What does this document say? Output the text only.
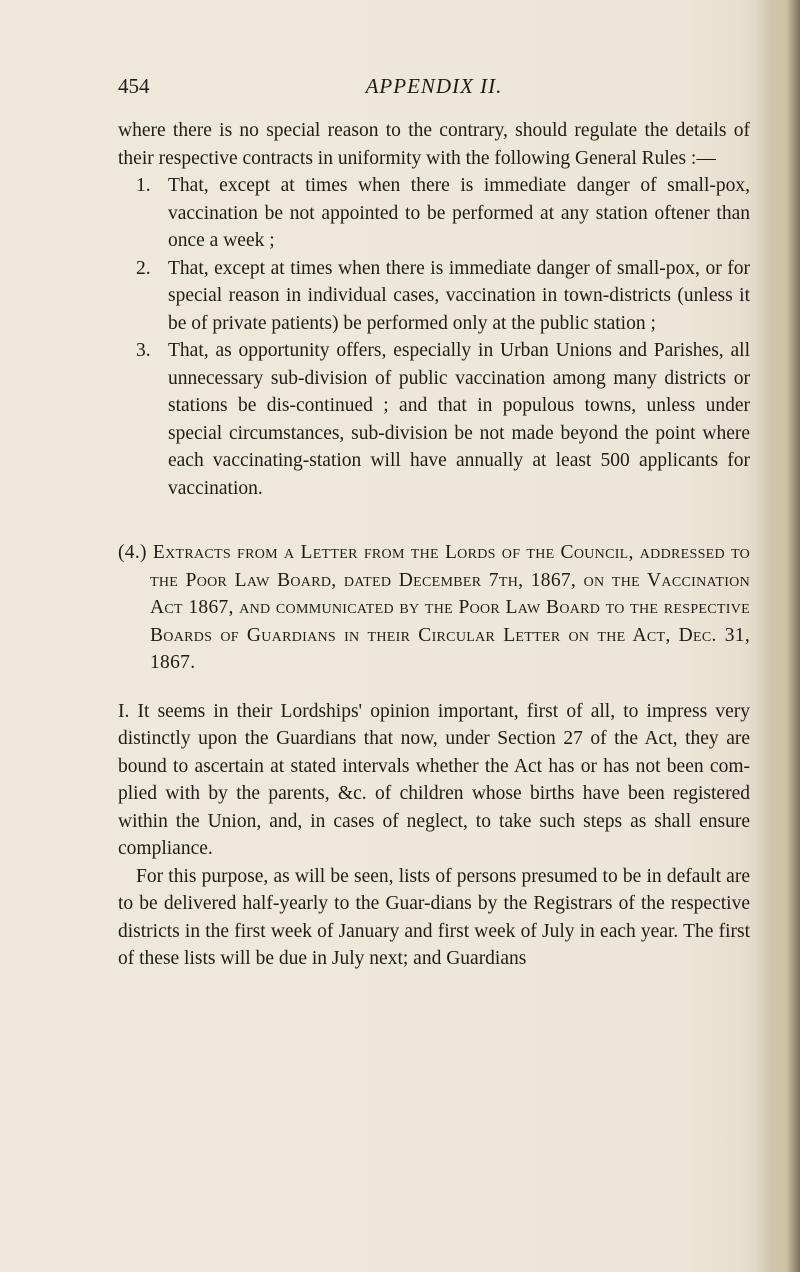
454	APPENDIX II.

where there is no special reason to the contrary, should regulate the details of their respective contracts in uniformity with the following General Rules :—

1. That, except at times when there is immediate danger of small-pox, vaccination be not appointed to be performed at any station oftener than once a week ;
2. That, except at times when there is immediate danger of small-pox, or for special reason in individual cases, vaccination in town-districts (unless it be of private patients) be performed only at the public station ;
3. That, as opportunity offers, especially in Urban Unions and Parishes, all unnecessary sub-division of public vaccination among many districts or stations be dis-continued ; and that in populous towns, unless under special circumstances, sub-division be not made beyond the point where each vaccinating-station will have annually at least 500 applicants for vaccination.

(4.) Extracts from a Letter from the Lords of the Council, addressed to the Poor Law Board, dated December 7th, 1867, on the Vaccination Act 1867, and communicated by the Poor Law Board to the respective Boards of Guardians in their Circular Letter on the Act, Dec. 31, 1867.

I. It seems in their Lordships' opinion important, first of all, to impress very distinctly upon the Guardians that now, under Section 27 of the Act, they are bound to ascertain at stated intervals whether the Act has or has not been com-plied with by the parents, &c. of children whose births have been registered within the Union, and, in cases of neglect, to take such steps as shall ensure compliance.

For this purpose, as will be seen, lists of persons presumed to be in default are to be delivered half-yearly to the Guar-dians by the Registrars of the respective districts in the first week of January and first week of July in each year. The first of these lists will be due in July next; and Guardians
